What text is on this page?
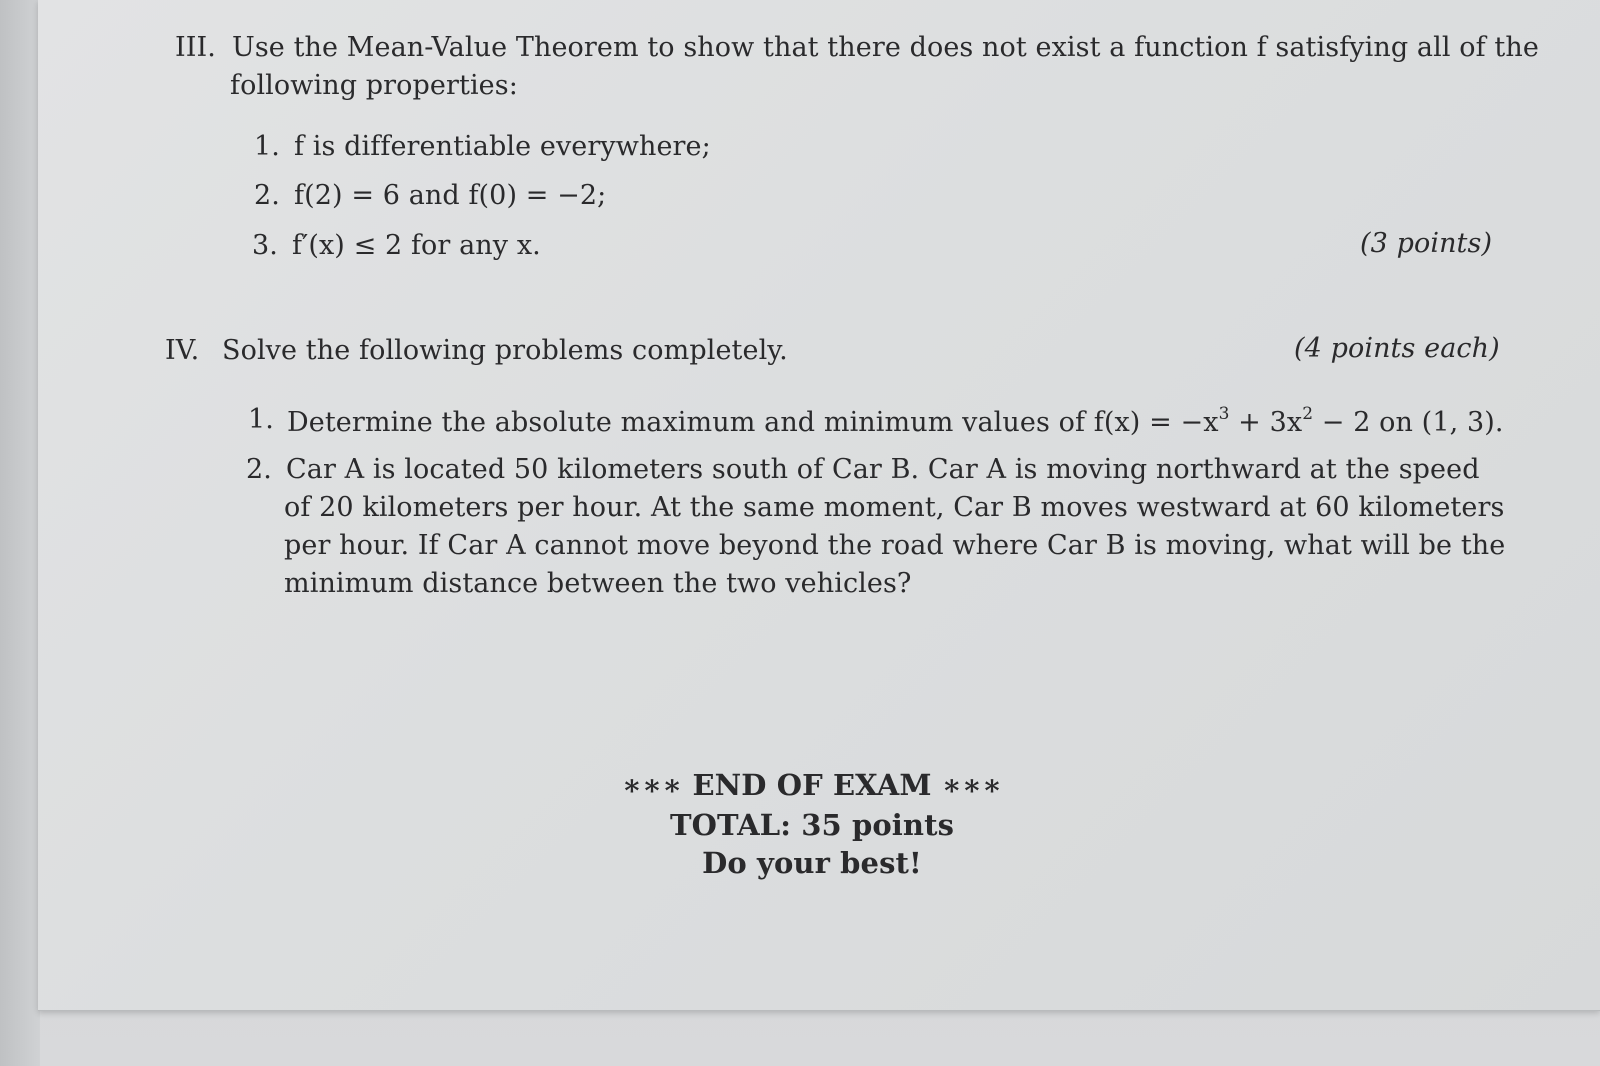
III. Use the Mean-Value Theorem to show that there does not exist a function f satisfying all of the
following properties:
1. f is differentiable everywhere;
2. f(2) = 6 and f(0) = −2;
3. f′(x) ≤ 2 for any x.	(3 points)
IV. Solve the following problems completely.	(4 points each)
1. Determine the absolute maximum and minimum values of $f(x) = -x^3 + 3x^2 - 2$ on (1, 3).
2. Car A is located 50 kilometers south of Car B. Car A is moving northward at the speed
of 20 kilometers per hour. At the same moment, Car B moves westward at 60 kilometers
per hour. If Car A cannot move beyond the road where Car B is moving, what will be the
minimum distance between the two vehicles?
∗∗∗ END OF EXAM ∗∗∗
TOTAL: 35 points
Do your best!
